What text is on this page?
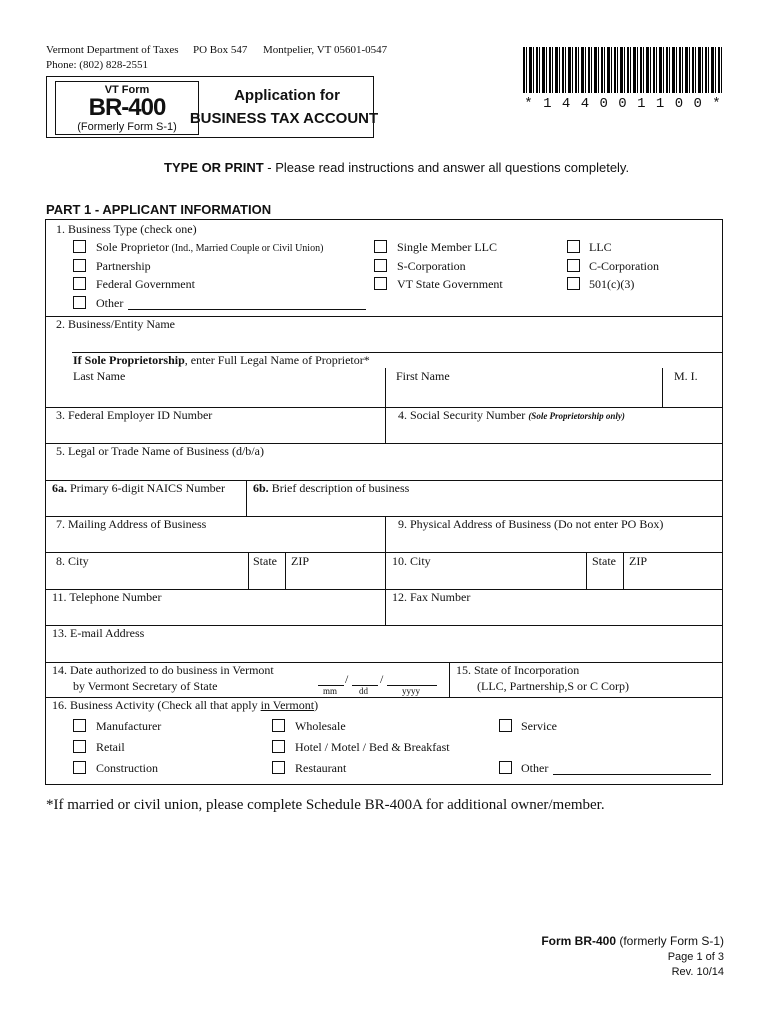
Vermont Department of Taxes PO Box 547 Montpelier, VT 05601-0547
Phone: (802) 828-2551
* 1 4 4 0 0 1 1 0 0 *
VT Form
BR-400
(Formerly Form S-1)
Application for
BUSINESS TAX ACCOUNT
TYPE OR PRINT - Please read instructions and answer all questions completely.
PART 1 - APPLICANT INFORMATION
1. Business Type (check one)
Sole Proprietor (Ind., Married Couple or Civil Union)
Partnership
Federal Government
Other
Single Member LLC
S-Corporation
VT State Government
LLC
C-Corporation
501(c)(3)
2. Business/Entity Name
If Sole Proprietorship, enter Full Legal Name of Proprietor*
Last Name	First Name	M. I.
3. Federal Employer ID Number	4. Social Security Number (Sole Proprietorship only)
5. Legal or Trade Name of Business (d/b/a)
6a. Primary 6-digit NAICS Number 6b. Brief description of business
7. Mailing Address of Business	9. Physical Address of Business (Do not enter PO Box)
8. City	State ZIP	10. City	State ZIP
11. Telephone Number	12. Fax Number
13. E-mail Address
14. Date authorized to do business in Vermont
by Vermont Secretary of State	/	/
mm dd	yyyy
15. State of Incorporation
(LLC, Partnership,S or C Corp)
16. Business Activity (Check all that apply in Vermont)
Manufacturer
Retail
Construction
Wholesale
Hotel / Motel / Bed & Breakfast
Restaurant
Service
Other
*If married or civil union, please complete Schedule BR-400A for additional owner/member.
Form BR-400 (formerly Form S-1)
Page 1 of 3
Rev. 10/14
